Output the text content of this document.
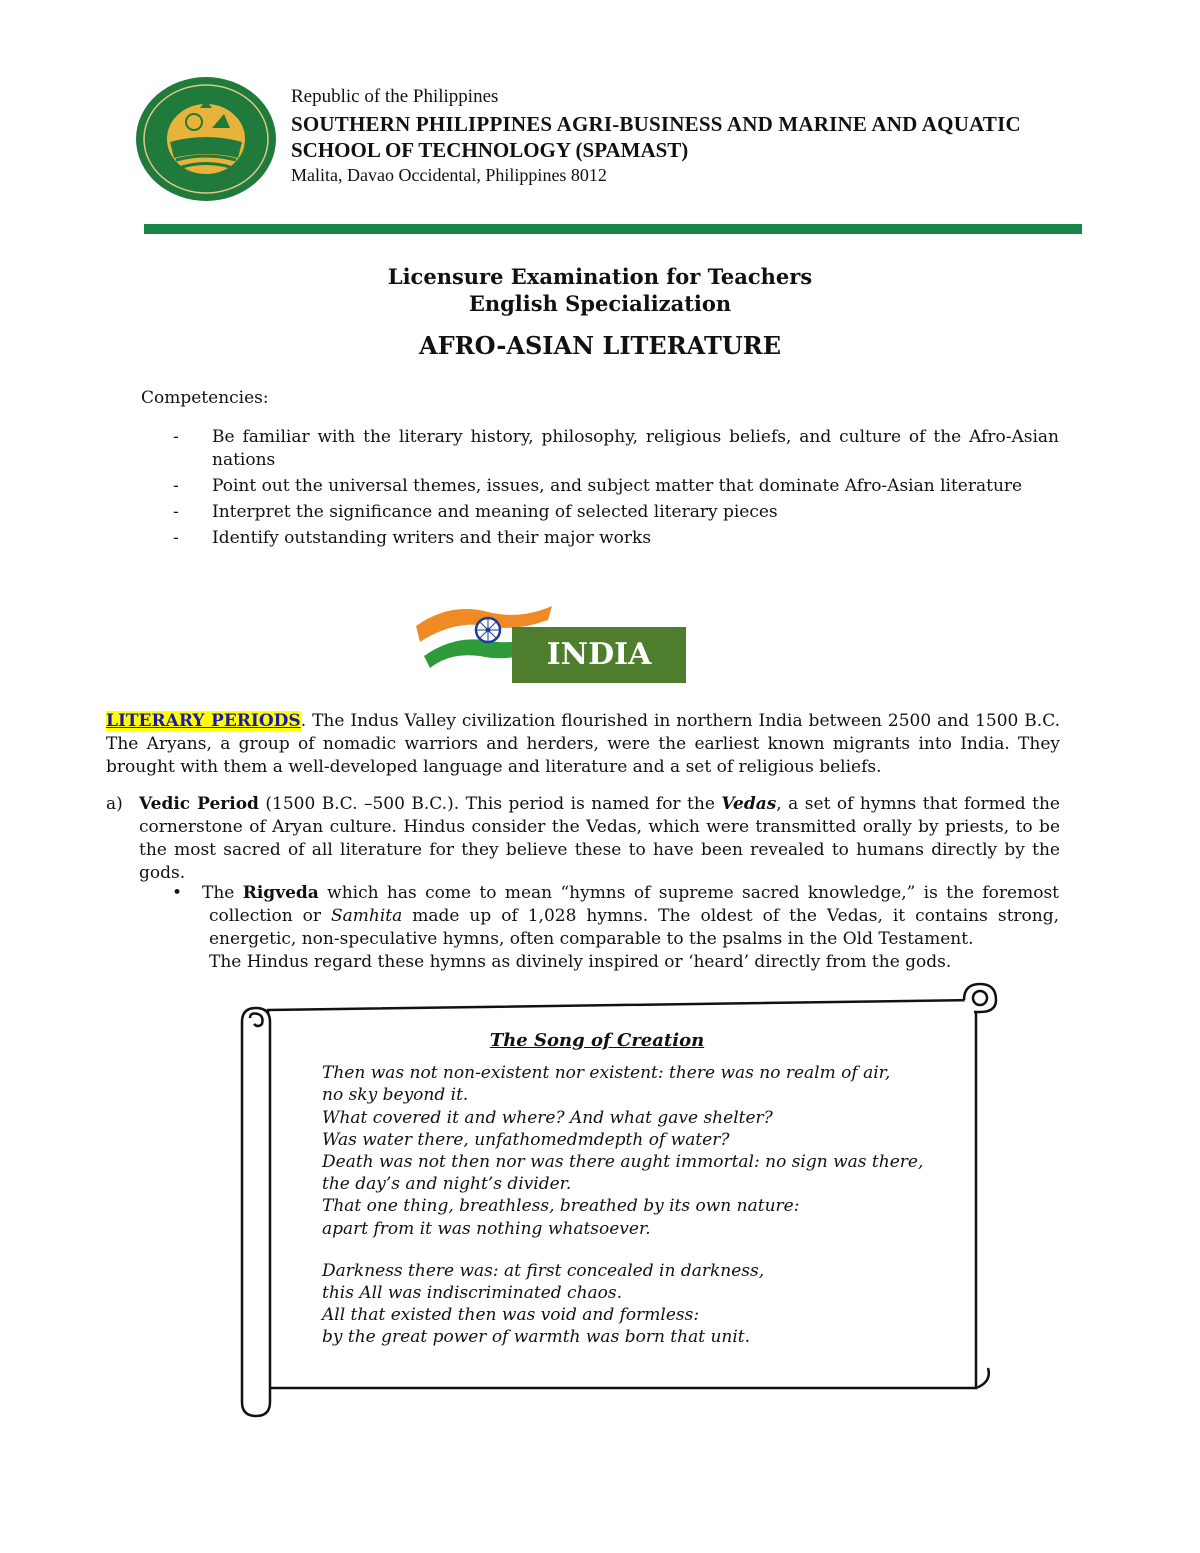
Republic of the Philippines
SOUTHERN PHILIPPINES AGRI-BUSINESS AND MARINE AND AQUATIC
SCHOOL OF TECHNOLOGY (SPAMAST)
Malita, Davao Occidental, Philippines 8012
Licensure Examination for Teachers
English Specialization
AFRO-ASIAN LITERATURE
Competencies:
- Be familiar with the literary history, philosophy, religious beliefs, and culture of the Afro-Asian nations
- Point out the universal themes, issues, and subject matter that dominate Afro-Asian literature
- Interpret the significance and meaning of selected literary pieces
- Identify outstanding writers and their major works
INDIA
LITERARY PERIODS. The Indus Valley civilization flourished in northern India between 2500 and 1500 B.C. The Aryans, a group of nomadic warriors and herders, were the earliest known migrants into India. They brought with them a well-developed language and literature and a set of religious beliefs.
a) Vedic Period (1500 B.C. –500 B.C.). This period is named for the Vedas, a set of hymns that formed the cornerstone of Aryan culture. Hindus consider the Vedas, which were transmitted orally by priests, to be the most sacred of all literature for they believe these to have been revealed to humans directly by the gods.
•	The Rigveda which has come to mean “hymns of supreme sacred knowledge,” is the foremost collection or Samhita made up of 1,028 hymns. The oldest of the Vedas, it contains strong, energetic, non-speculative hymns, often comparable to the psalms in the Old Testament.
The Hindus regard these hymns as divinely inspired or ‘heard’ directly from the gods.
The Song of Creation
Then was not non-existent nor existent: there was no realm of air,
no sky beyond it.
What covered it and where? And what gave shelter?
Was water there, unfathomedmdepth of water?
Death was not then nor was there aught immortal: no sign was there,
the day’s and night’s divider.
That one thing, breathless, breathed by its own nature:
apart from it was nothing whatsoever.
Darkness there was: at first concealed in darkness,
this All was indiscriminated chaos.
All that existed then was void and formless:
by the great power of warmth was born that unit.
